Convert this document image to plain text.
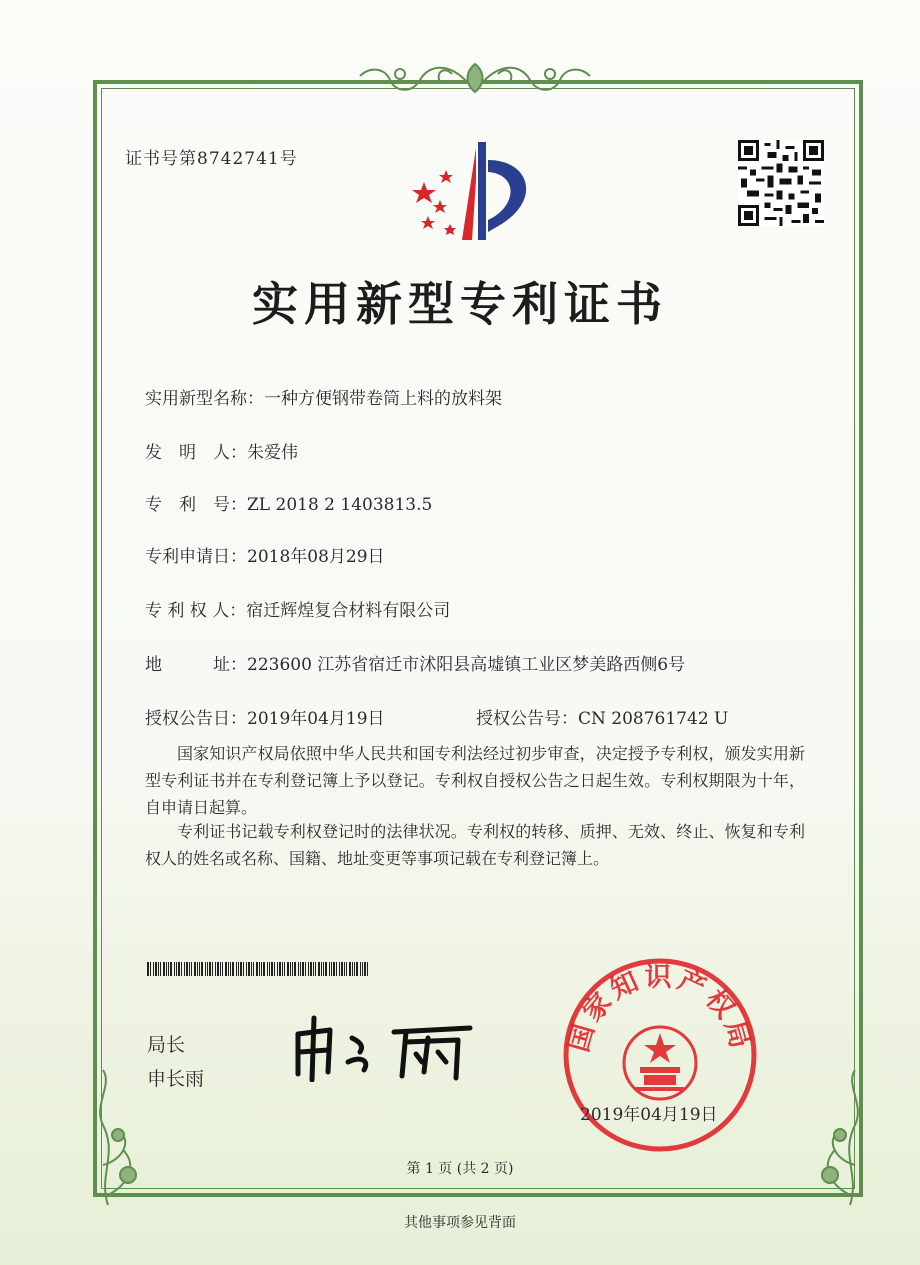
证书号第8742741号
实用新型专利证书
实用新型名称：一种方便钢带卷筒上料的放料架
发　明　人：朱爱伟
专　利　号：ZL 2018 2 1403813.5
专利申请日：2018年08月29日
专 利 权 人：宿迁辉煌复合材料有限公司
地　　　址：223600 江苏省宿迁市沭阳县高墟镇工业区梦美路西侧6号
授权公告日：2019年04月19日	授权公告号：CN 208761742 U
国家知识产权局依照中华人民共和国专利法经过初步审查，决定授予专利权，颁发实用新型专利证书并在专利登记簿上予以登记。专利权自授权公告之日起生效。专利权期限为十年，自申请日起算。
专利证书记载专利权登记时的法律状况。专利权的转移、质押、无效、终止、恢复和专利权人的姓名或名称、国籍、地址变更等事项记载在专利登记簿上。
局长
申长雨
国家知识产权局
2019年04月19日
第 1 页 (共 2 页)
其他事项参见背面
